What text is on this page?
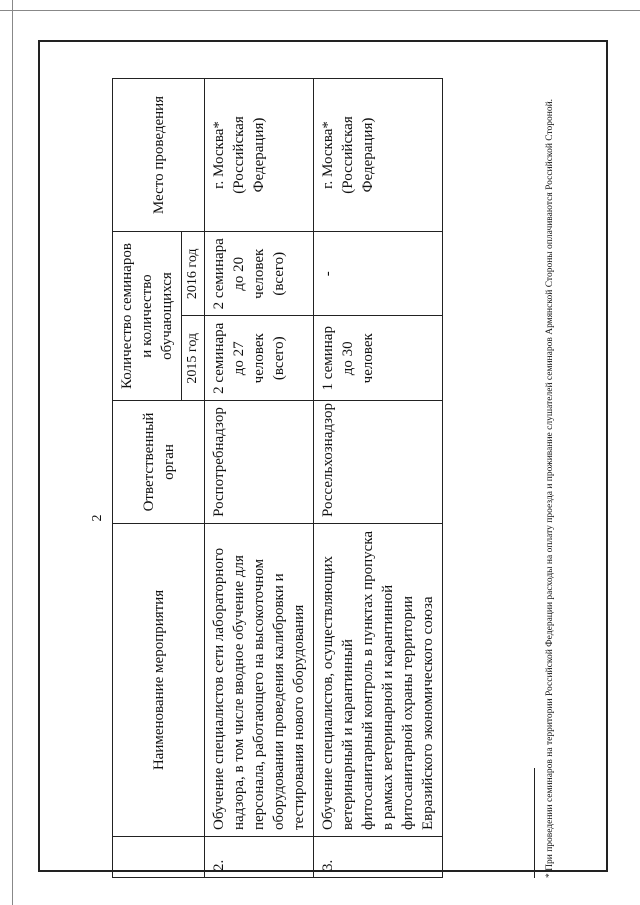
2
	Наименование мероприятия	Ответственный орган	Количество семинаров и количество обучающихся		Место проведения
			2015 год	2016 год	
2.	Обучение специалистов сети лабораторного надзора, в том числе вводное обучение для персонала, работающего на высокоточном оборудовании проведения калибровки и тестирования нового оборудования	Роспотребнадзор	2 семинара до 27 человек (всего)	2 семинара до 20 человек (всего)	г. Москва* (Российская Федерация)
3.	Обучение специалистов, осуществляющих ветеринарный и карантинный фитосанитарный контроль в пунктах пропуска в рамках ветеринарной и карантинной фитосанитарной охраны территории Евразийского экономического союза	Россельхознадзор	1 семинар до 30 человек	-	г. Москва* (Российская Федерация)	* При проведении семинаров на территории Российской Федерации расходы на оплату проезда и проживание слушателей семинаров Армянской Стороны оплачиваются Российской Стороной.
